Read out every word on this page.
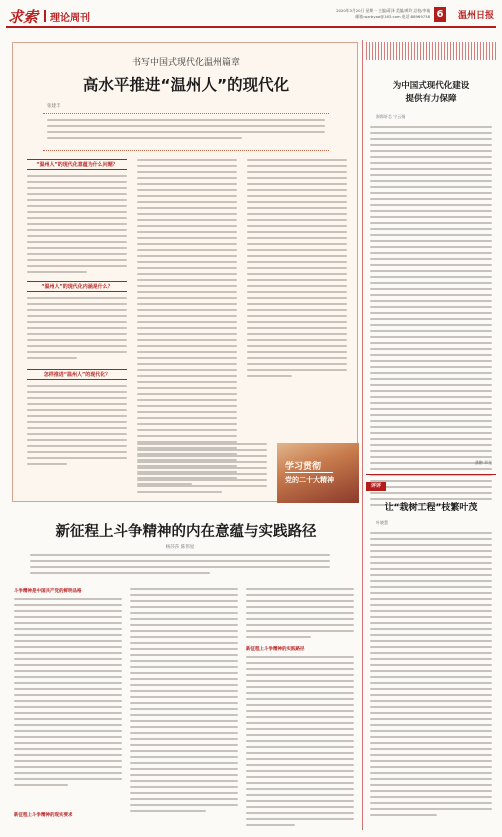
求索 理论周刊
2020年3月20日 星期一 主编/蒋泽 美编/黄玲 总校/李诚
邮箱:wzrbyao@163.com 电话:88969738 6 温州日报
书写中国式现代化温州篇章
高水平推进“温州人”的现代化
张建丰
“温州人”的现代化意蕴为什么问题？
“温州人”的现代化内涵是什么？
怎样推进“温州人”的现代化？
学习贯彻
党的二十大精神
新征程上斗争精神的内在意蕴与实践路径
杨莎莎 陈伟星
斗争精神是中国共产党的鲜明品格
新征程上斗争精神的现实要求
新征程上斗争精神的实践路径
为中国式现代化建设
提供有力保障
浙郎轩芯 宁云扬
潘鹏 翠龙
评评
让“栽树工程”枝繁叶茂
叶晓慧
